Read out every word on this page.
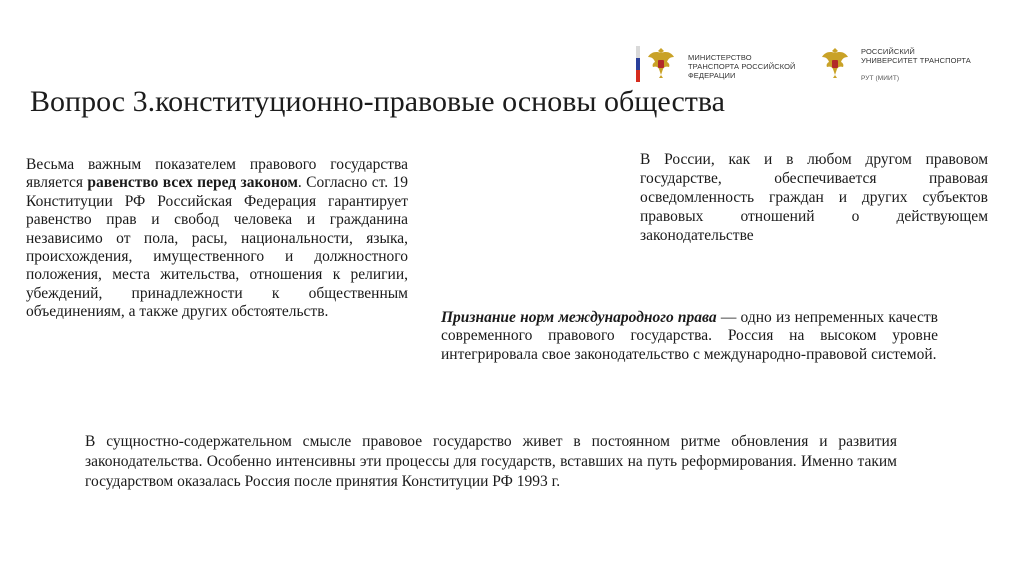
МИНИСТЕРСТВО ТРАНСПОРТА РОССИЙСКОЙ ФЕДЕРАЦИИ
РОССИЙСКИЙ УНИВЕРСИТЕТ ТРАНСПОРТА
РУТ (МИИТ)
Вопрос 3.конституционно-правовые основы общества
Весьма важным показателем правового государства является равенство всех перед законом. Согласно ст. 19 Конституции РФ Российская Федерация гарантирует равенство прав и свобод человека и гражданина независимо от пола, расы, национальности, языка, происхождения, имущественного и должностного положения, места жительства, отношения к религии, убеждений, принадлежности к общественным объединениям, а также других обстоятельств.
В России, как и в любом другом правовом государстве, обеспечивается правовая осведомленность граждан и других субъектов правовых отношений о действующем законодательстве
Признание норм международного права — одно из непременных качеств современного правового государства. Россия на высоком уровне интегрировала свое законодательство с международно-правовой системой.
В сущностно-содержательном смысле правовое государство живет в постоянном ритме обновления и развития законодательства. Особенно интенсивны эти процессы для государств, вставших на путь реформирования. Именно таким государством оказалась Россия после принятия Конституции РФ 1993 г.
